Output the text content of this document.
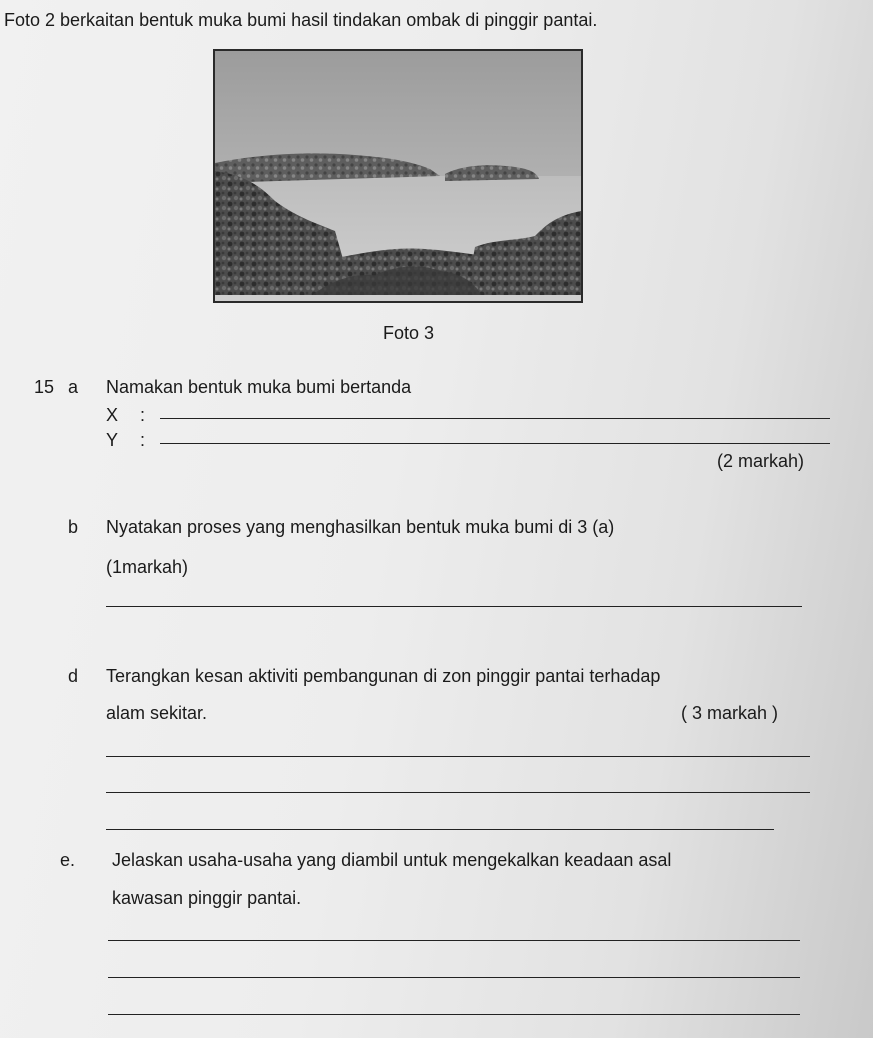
Foto 2 berkaitan bentuk muka bumi hasil tindakan ombak di pinggir pantai.
Foto 3
15 a Namakan bentuk muka bumi bertanda
X :
Y :
(2 markah)
b Nyatakan proses yang menghasilkan bentuk muka bumi di 3 (a)
(1markah)
d Terangkan kesan aktiviti pembangunan di zon pinggir pantai terhadap
alam sekitar.	( 3 markah )
e. Jelaskan usaha-usaha yang diambil untuk mengekalkan keadaan asal
kawasan pinggir pantai.
